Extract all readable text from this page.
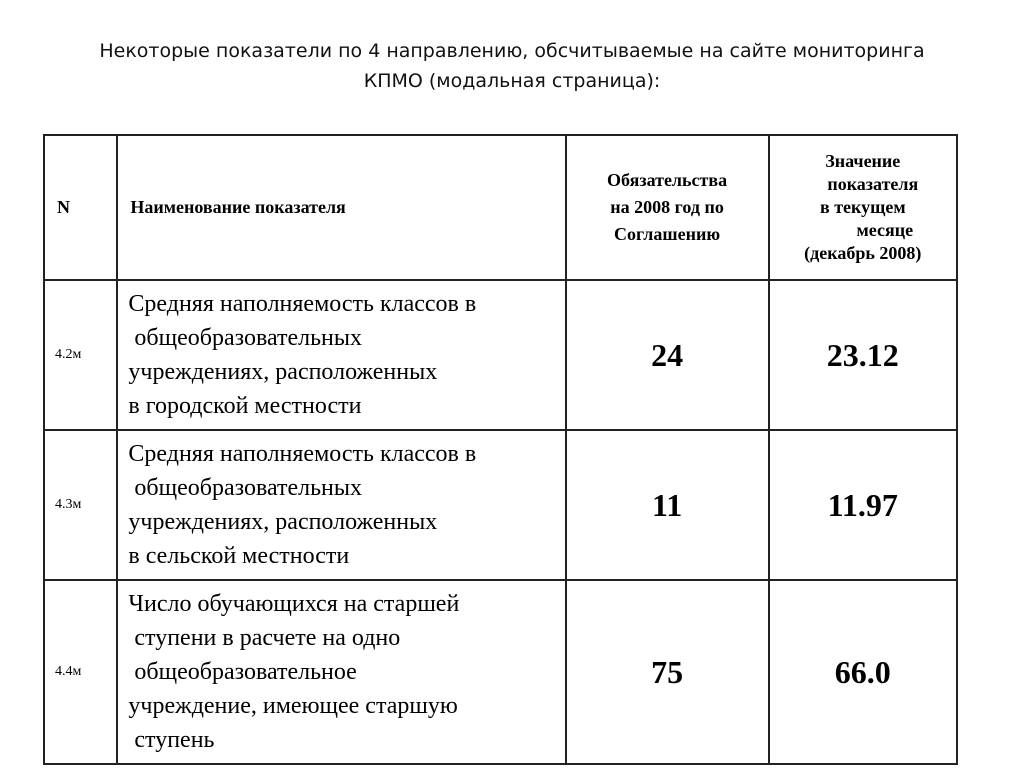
Некоторые показатели по 4 направлению, обсчитываемые на сайте мониторинга
КПМО (модальная страница):
N	Наименование показателя	Обязательства
на 2008 год по
Соглашению	Значение
показателя
в текущем
месяце
(декабрь 2008)

4.2м	Средняя наполняемость классов в
общеобразовательных
учреждениях, расположенных
в городской местности	24	23.12
4.3м	Средняя наполняемость классов в
общеобразовательных
учреждениях, расположенных
в сельской местности	11	11.97
4.4м	Число обучающихся на старшей
ступени в расчете на одно
общеобразовательное
учреждение, имеющее старшую
ступень	75	66.0
